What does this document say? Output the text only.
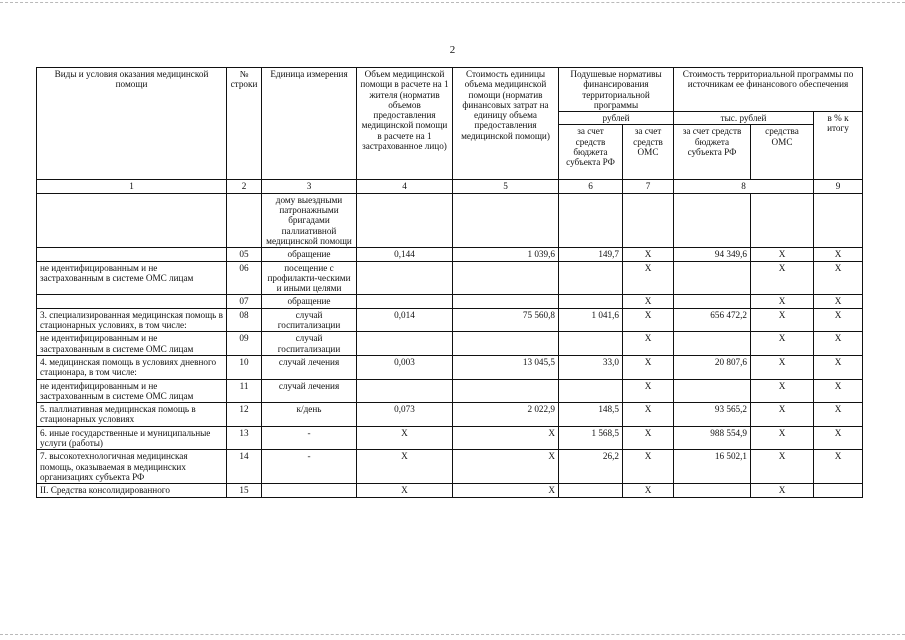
2
Виды и условия оказания медицинской помощи	№ строки	Единица измерения	Объем медицинской помощи в расчете на 1 жителя (норматив объемов предоставления медицинской помощи в расчете на 1 застрахованное лицо)	Стоимость единицы объема медицинской помощи (норматив финансовых затрат на единицу объема предоставления медицинской помощи)	Подушевые нормативы финансирования территориальной программы		Стоимость территориальной программы по источникам ее финансового обеспечения		
					рублей		тыс. рублей		в % к итогу
					за счет средств бюджета субъекта РФ	за счет средств ОМС	за счет средств бюджета субъекта РФ	средства ОМС	
1	2	3	4	5	6	7	8		9
		дому выездными патронажными бригадами паллиативной медицинской помощи							
	05	обращение	0,144	1 039,6	149,7	X	94 349,6	X	X
не идентифицированным и не застрахованным в системе ОМС лицам	06	посещение с профилакти-ческими и иными целями				X		X	X
	07	обращение				X		X	X
3. специализированная медицинская помощь в стационарных условиях, в том числе:	08	случай госпитализации	0,014	75 560,8	1 041,6	X	656 472,2	X	X
не идентифицированным и не застрахованным в системе ОМС лицам	09	случай госпитализации				X		X	X
4. медицинская помощь в условиях дневного стационара, в том числе:	10	случай лечения	0,003	13 045,5	33,0	X	20 807,6	X	X
не идентифицированным и не застрахованным в системе ОМС лицам	11	случай лечения				X		X	X
5. паллиативная медицинская помощь в стационарных условиях	12	к/день	0,073	2 022,9	148,5	X	93 565,2	X	X
6. иные государственные и муниципальные услуги (работы)	13	-	X	X	1 568,5	X	988 554,9	X	X
7. высокотехнологичная медицинская помощь, оказываемая в медицинских организациях субъекта РФ	14	-	X	X	26,2	X	16 502,1	X	X
II. Средства консолидированного	15		X	X		X		X	
